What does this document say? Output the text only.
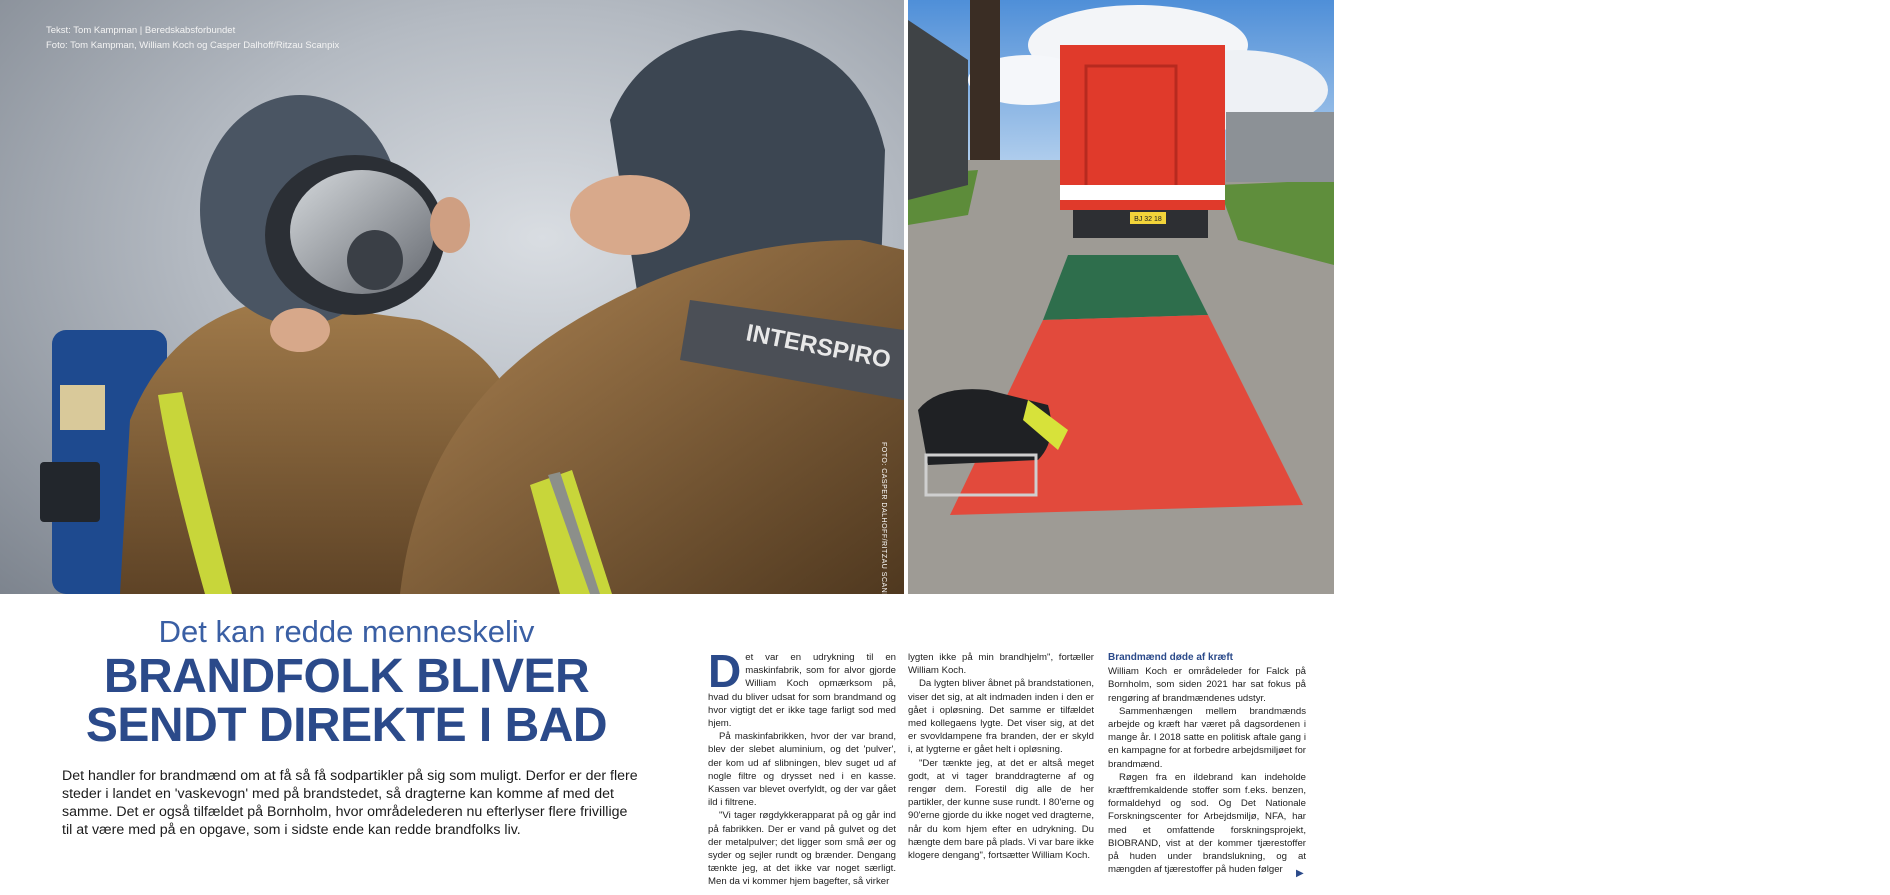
INTERSPIRO
Tekst: Tom Kampman | Beredskabsforbundet
Foto: Tom Kampman, William Koch og Casper Dalhoff/Ritzau Scanpix
FOTO: CASPER DALHOFF/RITZAU SCANPIX
BJ 32 18
Traileren der kører med ud til større og længerevarende brande.
Det kan redde menneskeliv
BRANDFOLK BLIVER
SENDT DIREKTE I BAD
Det handler for brandmænd om at få så få sodpartikler på sig som muligt. Derfor er der flere steder i landet en 'vaskevogn' med på brandstedet, så dragterne kan komme af med det samme. Det er også tilfældet på Bornholm, hvor områdelederen nu efterlyser flere frivillige til at være med på en opgave, som i sidste ende kan redde brandfolks liv.
D et var en udrykning til en maskinfabrik, som for alvor gjorde William Koch opmærksom på, hvad du bliver udsat for som brandmand og hvor vigtigt det er ikke tage farligt sod med hjem.

På maskinfabrikken, hvor der var brand, blev der slebet aluminium, og det 'pulver', der kom ud af slibningen, blev suget ud af nogle filtre og drysset ned i en kasse. Kassen var blevet overfyldt, og der var gået ild i filtrene.

"Vi tager røgdykkerapparat på og går ind på fabrikken. Der er vand på gulvet og det der metalpulver; det ligger som små øer og syder og sejler rundt og brænder. Dengang tænkte jeg, at det ikke var noget særligt. Men da vi kommer hjem bagefter, så virker

lygten ikke på min brandhjelm", fortæller William Koch.

Da lygten bliver åbnet på brandstationen, viser det sig, at alt indmaden inden i den er gået i opløsning. Det samme er tilfældet med kollegaens lygte. Det viser sig, at det er svovldampene fra branden, der er skyld i, at lygterne er gået helt i opløsning.

"Der tænkte jeg, at det er altså meget godt, at vi tager branddragterne af og rengør dem. Forestil dig alle de her partikler, der kunne suse rundt. I 80'erne og 90'erne gjorde du ikke noget ved dragterne, når du kom hjem efter en udrykning. Du hængte dem bare på plads. Vi var bare ikke klogere dengang", fortsætter William Koch.

Brandmænd døde af kræft

William Koch er områdeleder for Falck på Bornholm, som siden 2021 har sat fokus på rengøring af brandmændenes udstyr.

Sammenhængen mellem brandmænds arbejde og kræft har været på dagsordenen i mange år. I 2018 satte en politisk aftale gang i en kampagne for at forbedre arbejdsmiljøet for brandmænd.

Røgen fra en ildebrand kan indeholde kræftfremkaldende stoffer som f.eks. benzen, formaldehyd og sod. Og Det Nationale Forskningscenter for Arbejdsmiljø, NFA, har med et omfattende forskningsprojekt, BIOBRAND, vist at der kommer tjærestoffer på huden under brandslukning, og at mængden af tjærestoffer på huden følger	▶
